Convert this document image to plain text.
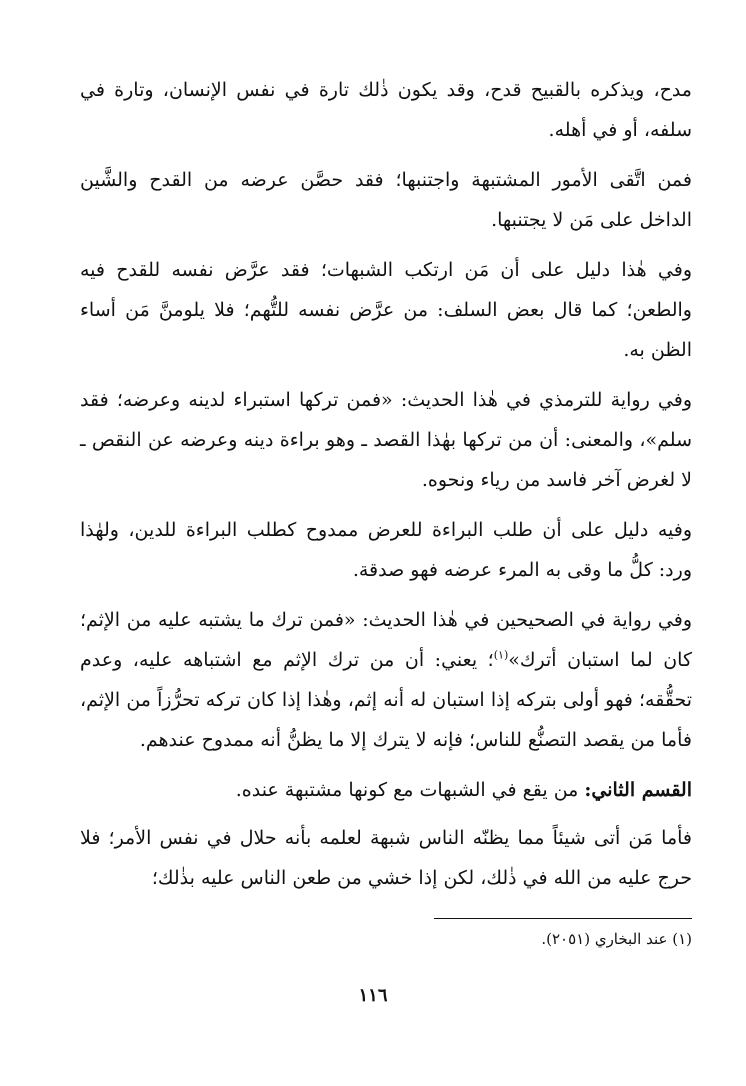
مدح، ويذكره بالقبيح قدح، وقد يكون ذٰلك تارة في نفس الإنسان، وتارة في سلفه، أو في أهله.

فمن اتَّقى الأمور المشتبهة واجتنبها؛ فقد حصَّن عرضه من القدح والشَّين الداخل على مَن لا يجتنبها.

وفي هٰذا دليل على أن مَن ارتكب الشبهات؛ فقد عرَّض نفسه للقدح فيه والطعن؛ كما قال بعض السلف: من عرَّض نفسه للتُّهم؛ فلا يلومنَّ مَن أساء الظن به.

وفي رواية للترمذي في هٰذا الحديث: «فمن تركها استبراء لدينه وعرضه؛ فقد سلم»، والمعنى: أن من تركها بهٰذا القصد ـ وهو براءة دينه وعرضه عن النقص ـ لا لغرض آخر فاسد من رياء ونحوه.

وفيه دليل على أن طلب البراءة للعرض ممدوح كطلب البراءة للدين، ولهٰذا ورد: كلُّ ما وقى به المرء عرضه فهو صدقة.

وفي رواية في الصحيحين في هٰذا الحديث: «فمن ترك ما يشتبه عليه من الإثم؛ كان لما استبان أترك»$^{(١)}$؛ يعني: أن من ترك الإثم مع اشتباهه عليه، وعدم تحقُّقه؛ فهو أولى بتركه إذا استبان له أنه إثم، وهٰذا إذا كان تركه تحرُّزاً من الإثم، فأما من يقصد التصنُّع للناس؛ فإنه لا يترك إلا ما يظنُّ أنه ممدوح عندهم.

القسم الثاني: من يقع في الشبهات مع كونها مشتبهة عنده.

فأما مَن أتى شيئاً مما يظنّه الناس شبهة لعلمه بأنه حلال في نفس الأمر؛ فلا حرج عليه من الله في ذٰلك، لكن إذا خشي من طعن الناس عليه بذٰلك؛

(١) عند البخاري (٢٠٥١).
١١٦
